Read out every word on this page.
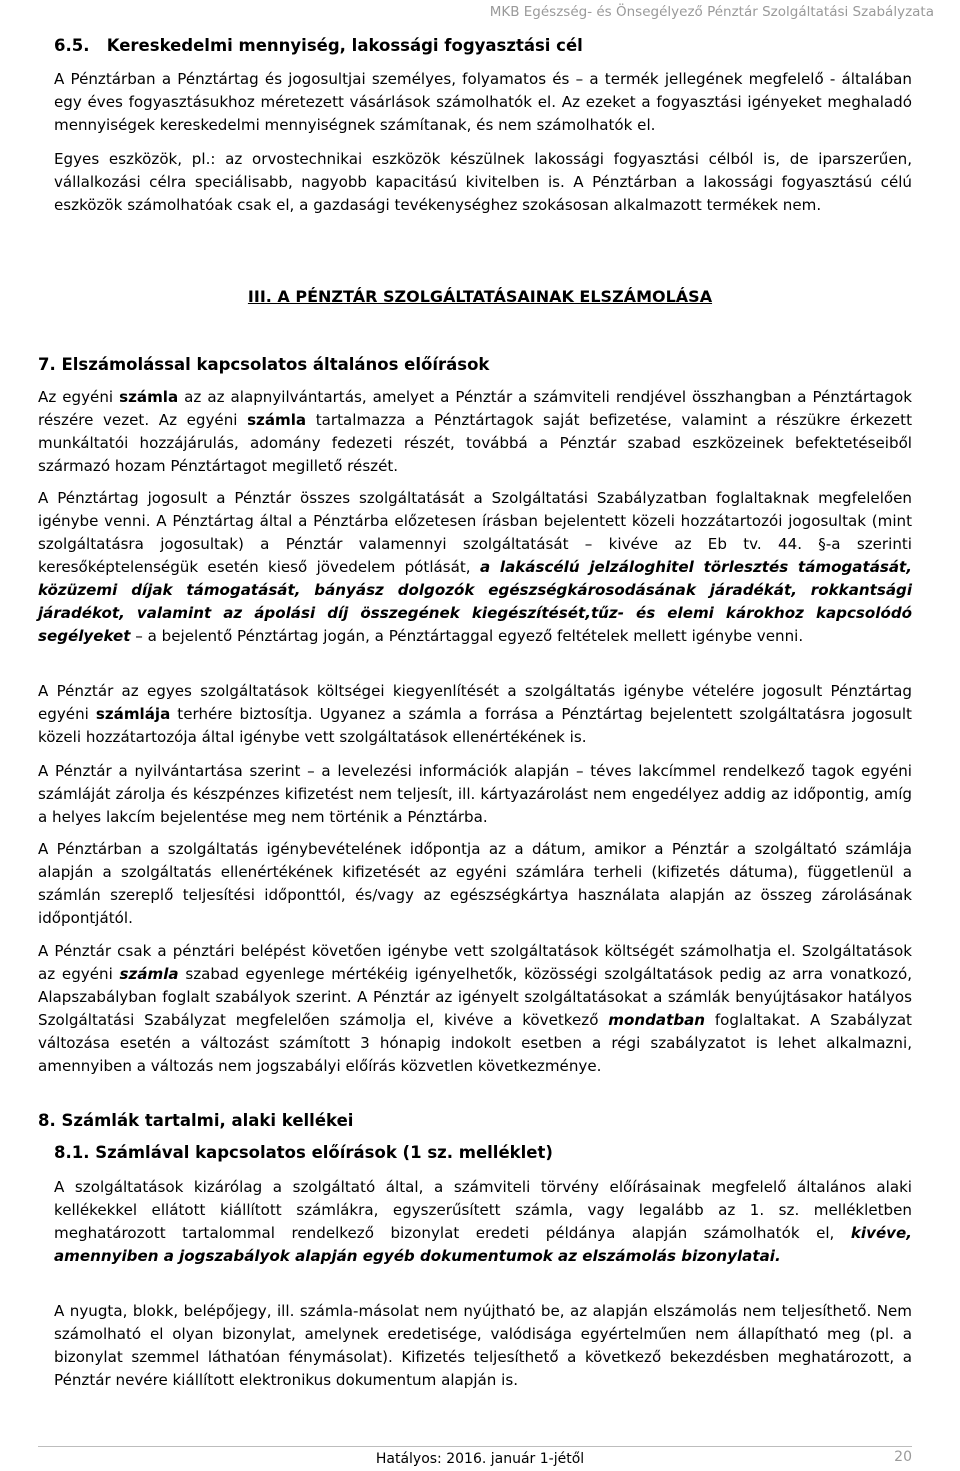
MKB Egészség- és Önsegélyező Pénztár Szolgáltatási Szabályzata
6.5.   Kereskedelmi mennyiség, lakossági fogyasztási cél
A Pénztárban a Pénztártag és jogosultjai személyes, folyamatos és – a termék jellegének megfelelő - általában egy éves fogyasztásukhoz méretezett vásárlások számolhatók el. Az ezeket a fogyasztási igényeket meghaladó mennyiségek kereskedelmi mennyiségnek számítanak, és nem számolhatók el.
Egyes eszközök, pl.: az orvostechnikai eszközök készülnek lakossági fogyasztási célból is, de iparszerűen, vállalkozási célra speciálisabb, nagyobb kapacitású kivitelben is. A Pénztárban a lakossági fogyasztású célú eszközök számolhatóak csak el, a gazdasági tevékenységhez szokásosan alkalmazott termékek nem.
III. A PÉNZTÁR SZOLGÁLTATÁSAINAK ELSZÁMOLÁSA
7. Elszámolással kapcsolatos általános előírások
Az egyéni számla az az alapnyilvántartás, amelyet a Pénztár a számviteli rendjével összhangban a Pénztártagok részére vezet. Az egyéni számla tartalmazza a Pénztártagok saját befizetése, valamint a részükre érkezett munkáltatói hozzájárulás, adomány fedezeti részét, továbbá a Pénztár szabad eszközeinek befektetéseiből származó hozam Pénztártagot megillető részét.
A Pénztártag jogosult a Pénztár összes szolgáltatását a Szolgáltatási Szabályzatban foglaltaknak megfelelően igénybe venni. A Pénztártag által a Pénztárba előzetesen írásban bejelentett közeli hozzátartozói jogosultak (mint szolgáltatásra jogosultak) a Pénztár valamennyi szolgáltatását – kivéve az Eb tv. 44. §-a szerinti keresőképtelenségük esetén kieső jövedelem pótlását, a lakáscélú jelzáloghitel törlesztés támogatását, közüzemi díjak támogatását, bányász dolgozók egészségkárosodásának járadékát, rokkantsági járadékot, valamint az ápolási díj összegének kiegészítését,tűz- és elemi károkhoz kapcsolódó segélyeket – a bejelentő Pénztártag jogán, a Pénztártaggal egyező feltételek mellett igénybe venni.
A Pénztár az egyes szolgáltatások költségei kiegyenlítését a szolgáltatás igénybe vételére jogosult Pénztártag egyéni számlája terhére biztosítja. Ugyanez a számla a forrása a Pénztártag bejelentett szolgáltatásra jogosult közeli hozzátartozója által igénybe vett szolgáltatások ellenértékének is.
A Pénztár a nyilvántartása szerint – a levelezési információk alapján – téves lakcímmel rendelkező tagok egyéni számláját zárolja és készpénzes kifizetést nem teljesít, ill. kártyazárolást nem engedélyez addig az időpontig, amíg a helyes lakcím bejelentése meg nem történik a Pénztárba.
A Pénztárban a szolgáltatás igénybevételének időpontja az a dátum, amikor a Pénztár a szolgáltató számlája alapján a szolgáltatás ellenértékének kifizetését az egyéni számlára terheli (kifizetés dátuma), függetlenül a számlán szereplő teljesítési időponttól, és/vagy az egészségkártya használata alapján az összeg zárolásának időpontjától.
A Pénztár csak a pénztári belépést követően igénybe vett szolgáltatások költségét számolhatja el. Szolgáltatások az egyéni számla szabad egyenlege mértékéig igényelhetők, közösségi szolgáltatások pedig az arra vonatkozó, Alapszabályban foglalt szabályok szerint. A Pénztár az igényelt szolgáltatásokat a számlák benyújtásakor hatályos Szolgáltatási Szabályzat megfelelően számolja el, kivéve a következő mondatban foglaltakat. A Szabályzat változása esetén a változást számított 3 hónapig indokolt esetben a régi szabályzatot is lehet alkalmazni, amennyiben a változás nem jogszabályi előírás közvetlen következménye.
8. Számlák tartalmi, alaki kellékei
8.1. Számlával kapcsolatos előírások (1 sz. melléklet)
A szolgáltatások kizárólag a szolgáltató által, a számviteli törvény előírásainak megfelelő általános alaki kellékekkel ellátott kiállított számlákra, egyszerűsített számla, vagy legalább az 1. sz. mellékletben meghatározott tartalommal rendelkező bizonylat eredeti példánya alapján számolhatók el, kivéve, amennyiben a jogszabályok alapján egyéb dokumentumok az elszámolás bizonylatai.
A nyugta, blokk, belépőjegy, ill. számla-másolat nem nyújtható be, az alapján elszámolás nem teljesíthető. Nem számolható el olyan bizonylat, amelynek eredetisége, valódisága egyértelműen nem állapítható meg (pl. a bizonylat szemmel láthatóan fénymásolat). Kifizetés teljesíthető a következő bekezdésben meghatározott, a Pénztár nevére kiállított elektronikus dokumentum alapján is.
Hatályos: 2016. január 1-jétől	20
